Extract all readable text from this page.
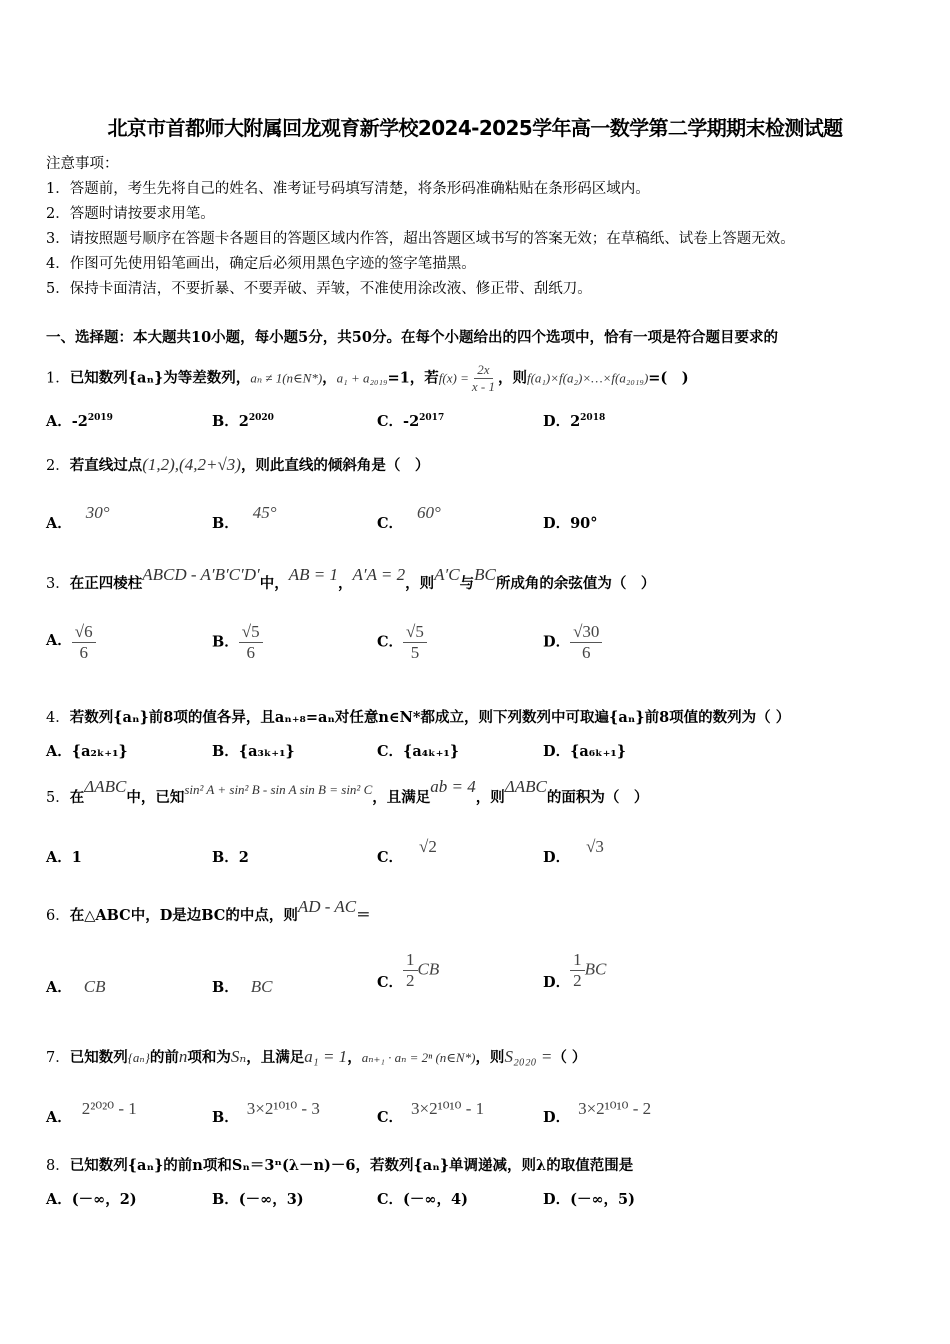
北京市首都师大附属回龙观育新学校2024-2025学年高一数学第二学期期末检测试题
注意事项：
1．答题前，考生先将自己的姓名、准考证号码填写清楚，将条形码准确粘贴在条形码区域内。
2．答题时请按要求用笔。
3．请按照题号顺序在答题卡各题目的答题区域内作答，超出答题区域书写的答案无效；在草稿纸、试卷上答题无效。
4．作图可先使用铅笔画出，确定后必须用黑色字迹的签字笔描黑。
5．保持卡面清洁，不要折暴、不要弄破、弄皱，不准使用涂改液、修正带、刮纸刀。
一、选择题：本大题共10小题，每小题5分，共50分。在每个小题给出的四个选项中，恰有一项是符合题目要求的
1．已知数列{aₙ}为等差数列，aₙ ≠ 1(n∈N*)，a₁ + a₂₀₁₉=1，若$f(x) = \frac{2x}{x - 1}$ ，则f(a₁)×f(a₂)×…×f(a₂₀₁₉)=(　)
A．$-2^{2019}$	B．$2^{2020}$	C．$-2^{2017}$	D．$2^{2018}$
2．若直线过点(1,2),(4,2+√3)，则此直线的倾斜角是（　）
A．30°
B．45°
C．60°
D．90°
3．在正四棱柱ABCD - A′B′C′D′中，AB = 1，A′A = 2，则A′C与BC所成角的余弦值为（　）
A． $\frac{√6}{6}$	B． $\frac{√5}{6}$	C． $\frac{√5}{5}$	D． $\frac{√30}{6}$
4．若数列{aₙ}前8项的值各异，且aₙ₊₈=aₙ对任意n∈N*都成立，则下列数列中可取遍{aₙ}前8项值的数列为（ ）
A．{a₂ₖ₊₁}	B．{a₃ₖ₊₁}	C．{a₄ₖ₊₁}	D．{a₆ₖ₊₁}
5．在ΔABC中，已知sin² A + sin² B - sin A sin B = sin² C，且满足ab = 4，则ΔABC的面积为（　）
A．1	B．2	C．√2
D．√3
6．在△ABC中，D是边BC的中点，则AD - AC＝
A． CB	B． BC	C． $\frac{1}{2}$ CB
D． $\frac{1}{2}$ BC
7．已知数列{aₙ}的前n项和为Sₙ，且满足a₁ = 1，aₙ₊₁ · aₙ = 2ⁿ (n∈N*)，则S₂₀₂₀ =（ ）
A． 2²⁰²⁰ - 1	B． 3×2¹⁰¹⁰ - 3	C． 3×2¹⁰¹⁰ - 1	D． 3×2¹⁰¹⁰ - 2
8．已知数列{aₙ}的前n项和Sₙ＝3ⁿ(λ－n)－6，若数列{aₙ}单调递减，则λ的取值范围是
A．(－∞，2)	B．(－∞，3)	C．(－∞，4)	D．(－∞，5)
